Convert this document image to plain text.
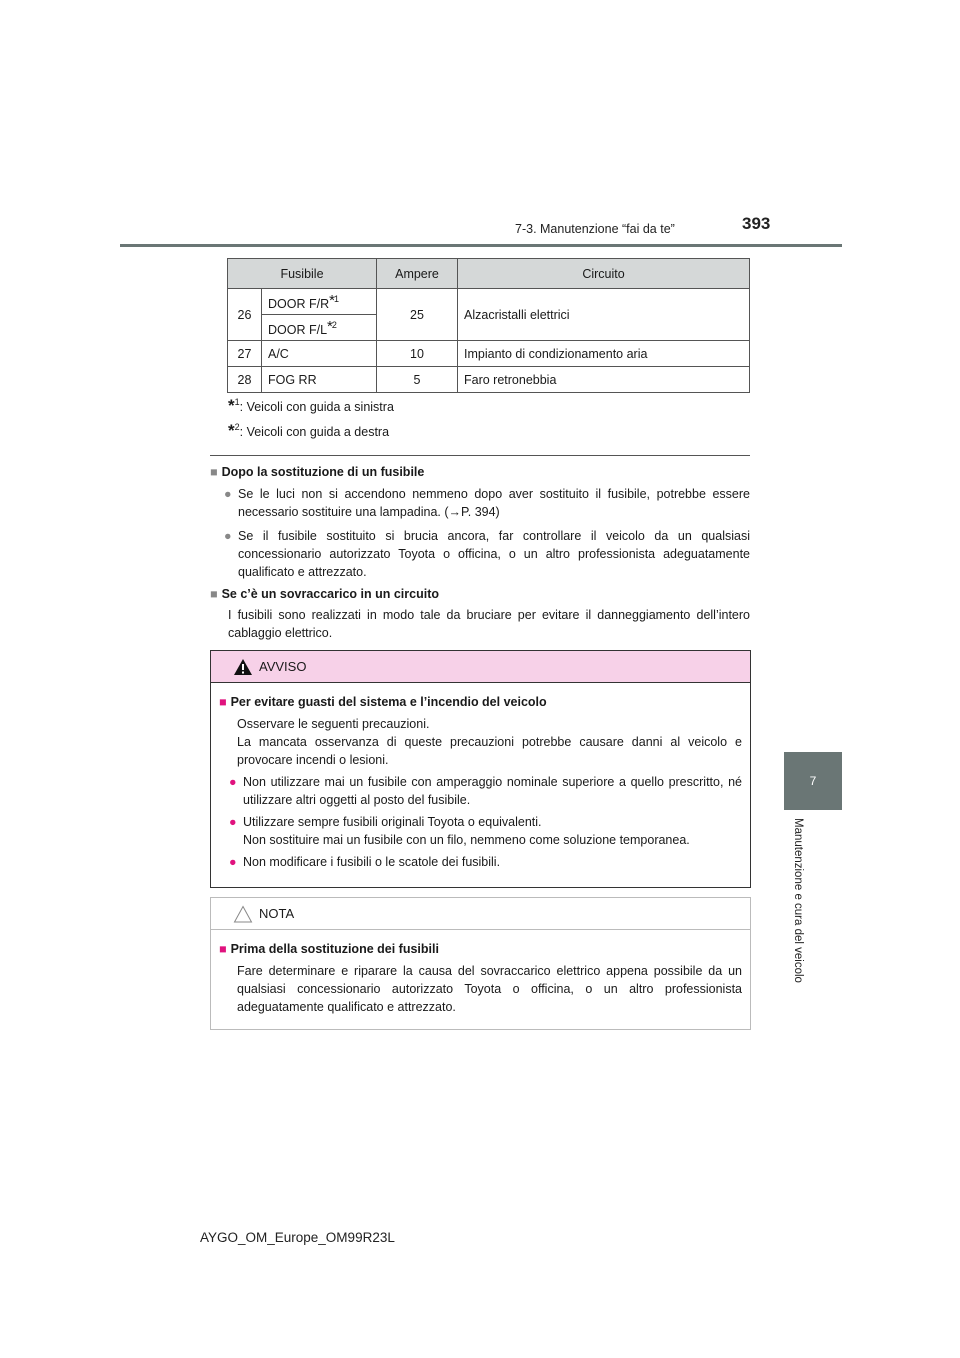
7-3. Manutenzione “fai da te”	393
7
Manutenzione e cura del veicolo
Fusibile		Ampere	Circuito
26	DOOR $F/R^{*1}$	25	Alzacristalli elettrici
	DOOR $F/L^{*2}$
27	A/C	10	Impianto di condizionamento aria
28	FOG RR	5	Faro retronebbia
*$^1$: Veicoli con guida a sinistra
*$^2$: Veicoli con guida a destra
■ Dopo la sostituzione di un fusibile
● Se le luci non si accendono nemmeno dopo aver sostituito il fusibile, potrebbe essere necessario sostituire una lampadina. (→P. 394)
● Se il fusibile sostituito si brucia ancora, far controllare il veicolo da un qualsiasi concessionario autorizzato Toyota o officina, o un altro professionista adeguatamente qualificato e attrezzato.
■ Se c’è un sovraccarico in un circuito
I fusibili sono realizzati in modo tale da bruciare per evitare il danneggiamento dell’intero cablaggio elettrico.
AVVISO
■ Per evitare guasti del sistema e l’incendio del veicolo
Osservare le seguenti precauzioni.
La mancata osservanza di queste precauzioni potrebbe causare danni al veicolo e provocare incendi o lesioni.
● Non utilizzare mai un fusibile con amperaggio nominale superiore a quello prescritto, né utilizzare altri oggetti al posto del fusibile.
● Utilizzare sempre fusibili originali Toyota o equivalenti.
Non sostituire mai un fusibile con un filo, nemmeno come soluzione temporanea.
● Non modificare i fusibili o le scatole dei fusibili.
NOTA
■ Prima della sostituzione dei fusibili
Fare determinare e riparare la causa del sovraccarico elettrico appena possibile da un qualsiasi concessionario autorizzato Toyota o officina, o un altro professionista adeguatamente qualificato e attrezzato.
AYGO_OM_Europe_OM99R23L
